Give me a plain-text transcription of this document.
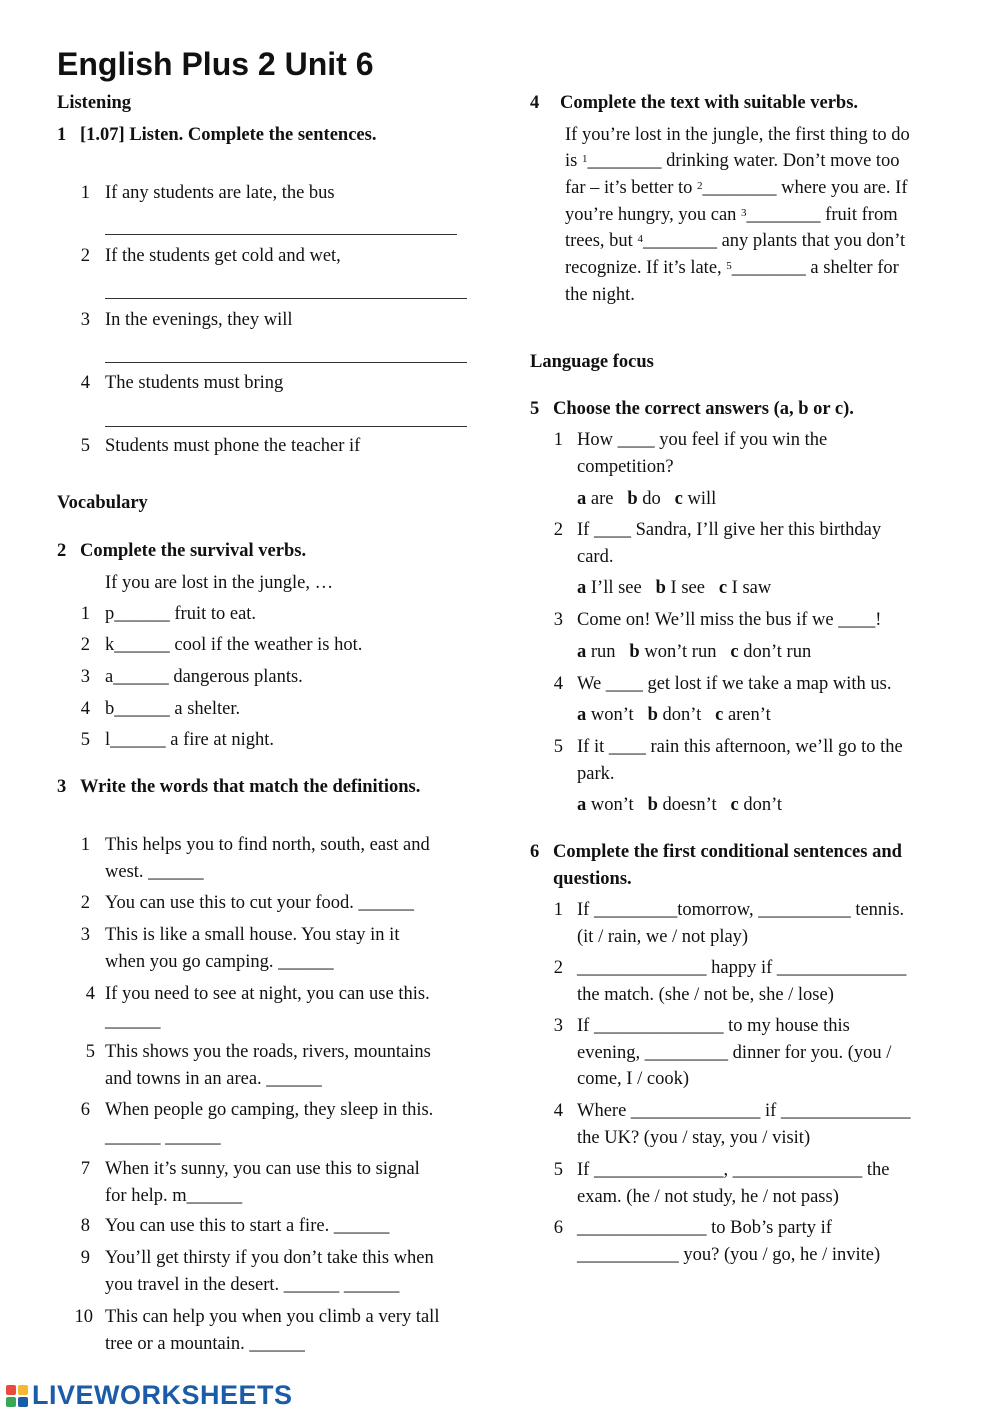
English Plus 2 Unit 6
Listening
1 [1.07] Listen. Complete the sentences.
1 If any students are late, the bus
2 If the students get cold and wet,
3 In the evenings, they will
4 The students must bring
5 Students must phone the teacher if
Vocabulary
2 Complete the survival verbs.
If you are lost in the jungle, …
1 p______ fruit to eat.
2 k______ cool if the weather is hot.
3 a______ dangerous plants.
4 b______ a shelter.
5 l______ a fire at night.
3 Write the words that match the definitions.
1 This helps you to find north, south, east and
west. ______
2 You can use this to cut your food. ______
3 This is like a small house. You stay in it
when you go camping. ______
4 If you need to see at night, you can use this.
______
5 This shows you the roads, rivers, mountains
and towns in an area. ______
6 When people go camping, they sleep in this.
______ ______
7 When it’s sunny, you can use this to signal
for help. m______
8 You can use this to start a fire. ______
9 You’ll get thirsty if you don’t take this when
you travel in the desert. ______ ______
10 This can help you when you climb a very tall
tree or a mountain. ______
4 Complete the text with suitable verbs.
If you’re lost in the jungle, the first thing to do
is $^1$________ drinking water. Don’t move too
far – it’s better to $^2$________ where you are. If
you’re hungry, you can $^3$________ fruit from
trees, but $^4$________ any plants that you don’t
recognize. If it’s late, $^5$________ a shelter for
the night.
Language focus
5 Choose the correct answers (a, b or c).
1 How ____ you feel if you win the
competition?
a are b do c will
2 If ____ Sandra, I’ll give her this birthday
card.
a I’ll see b I see c I saw
3 Come on! We’ll miss the bus if we ____!
a run b won’t run c don’t run
4 We ____ get lost if we take a map with us.
a won’t b don’t c aren’t
5 If it ____ rain this afternoon, we’ll go to the
park.
a won’t b doesn’t c don’t
6 Complete the first conditional sentences and
questions.
1 If _________tomorrow, __________ tennis.
(it / rain, we / not play)
2 ______________ happy if ______________
the match. (she / not be, she / lose)
3 If ______________ to my house this
evening, _________ dinner for you. (you /
come, I / cook)
4 Where ______________ if ______________
the UK? (you / stay, you / visit)
5 If ______________, ______________ the
exam. (he / not study, he / not pass)
6 ______________ to Bob’s party if
___________ you? (you / go, he / invite)
LIVEWORKSHEETS
